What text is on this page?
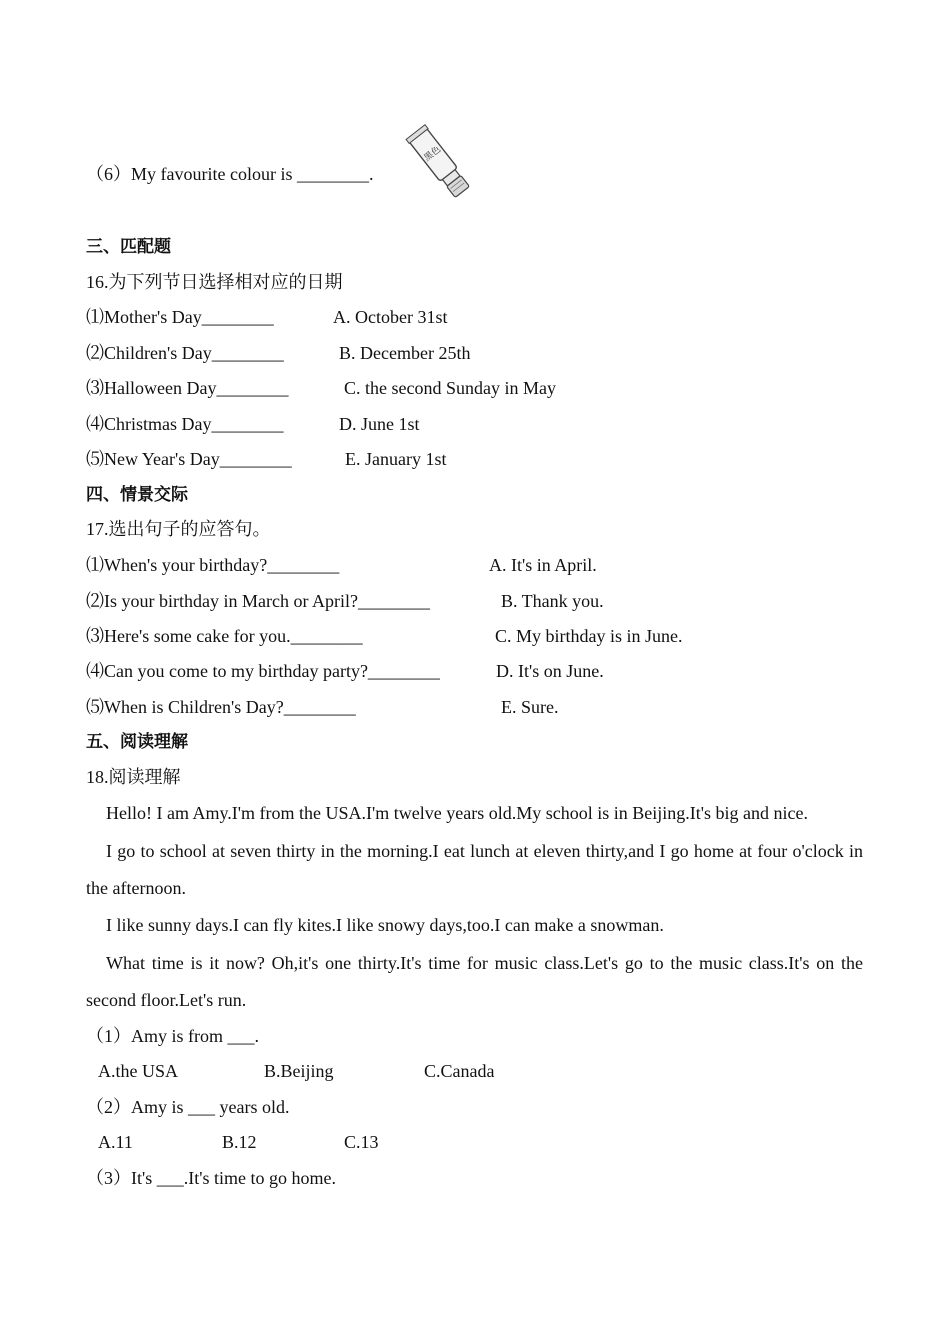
（6）My favourite colour is ________.
黑色
三、匹配题
16.为下列节日选择相对应的日期
⑴Mother's Day________	A. October 31st
⑵Children's Day________	B. December 25th
⑶Halloween Day________	C. the second Sunday in May
⑷Christmas Day________	D. June 1st
⑸New Year's Day________	E. January 1st
四、情景交际
17.选出句子的应答句。
⑴When's your birthday?________	A. It's in April.
⑵Is your birthday in March or April?________	B. Thank you.
⑶Here's some cake for you.________	C. My birthday is in June.
⑷Can you come to my birthday party?________	D. It's on June.
⑸When is Children's Day?________	E. Sure.
五、阅读理解
18.阅读理解
Hello! I am Amy.I'm from the USA.I'm twelve years old.My school is in Beijing.It's big and nice.
I go to school at seven thirty in the morning.I eat lunch at eleven thirty,and I go home at four o'clock in the afternoon.
I like sunny days.I can fly kites.I like snowy days,too.I can make a snowman.
What time is it now? Oh,it's one thirty.It's time for music class.Let's go to the music class.It's on the second floor.Let's run.
（1）Amy is from ___.
A.the USA	B.Beijing	C.Canada
（2）Amy is ___ years old.
A.11	B.12	C.13
（3）It's ___.It's time to go home.
